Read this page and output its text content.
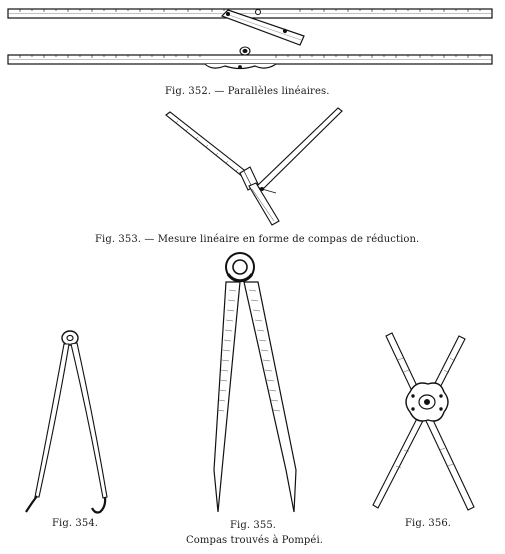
Fig. 352. — Parallèles linéaires.
Fig. 353. — Mesure linéaire en forme de compas de réduction.
Fig. 354.	Fig. 355.	Fig. 356.
Compas trouvés à Pompéi.
